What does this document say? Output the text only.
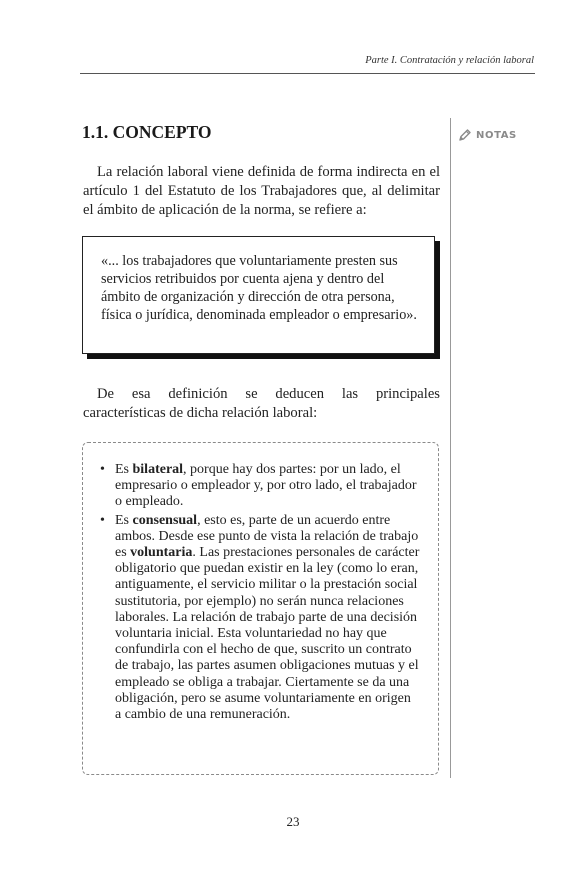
Parte I. Contratación y relación laboral
NOTAS
1.1. CONCEPTO

La relación laboral viene definida de forma indirecta en el artículo 1 del Estatuto de los Trabajadores que, al delimitar el ámbito de aplicación de la norma, se refiere a:

«... los trabajadores que voluntariamente presten sus servicios retribuidos por cuenta ajena y dentro del ámbito de organización y dirección de otra persona, física o jurídica, denominada empleador o empresario».

De esa definición se deducen las principales características de dicha relación laboral:

• Es bilateral, porque hay dos partes: por un lado, el empresario o empleador y, por otro lado, el trabajador o empleado.
• Es consensual, esto es, parte de un acuerdo entre ambos. Desde ese punto de vista la relación de trabajo es voluntaria. Las prestaciones personales de carácter obligatorio que puedan existir en la ley (como lo eran, antiguamente, el servicio militar o la prestación social sustitutoria, por ejemplo) no serán nunca relaciones laborales. La relación de trabajo parte de una decisión voluntaria inicial. Esta voluntariedad no hay que confundirla con el hecho de que, suscrito un contrato de trabajo, las partes asumen obligaciones mutuas y el empleado se obliga a trabajar. Ciertamente se da una obligación, pero se asume voluntariamente en origen a cambio de una remuneración.
23
